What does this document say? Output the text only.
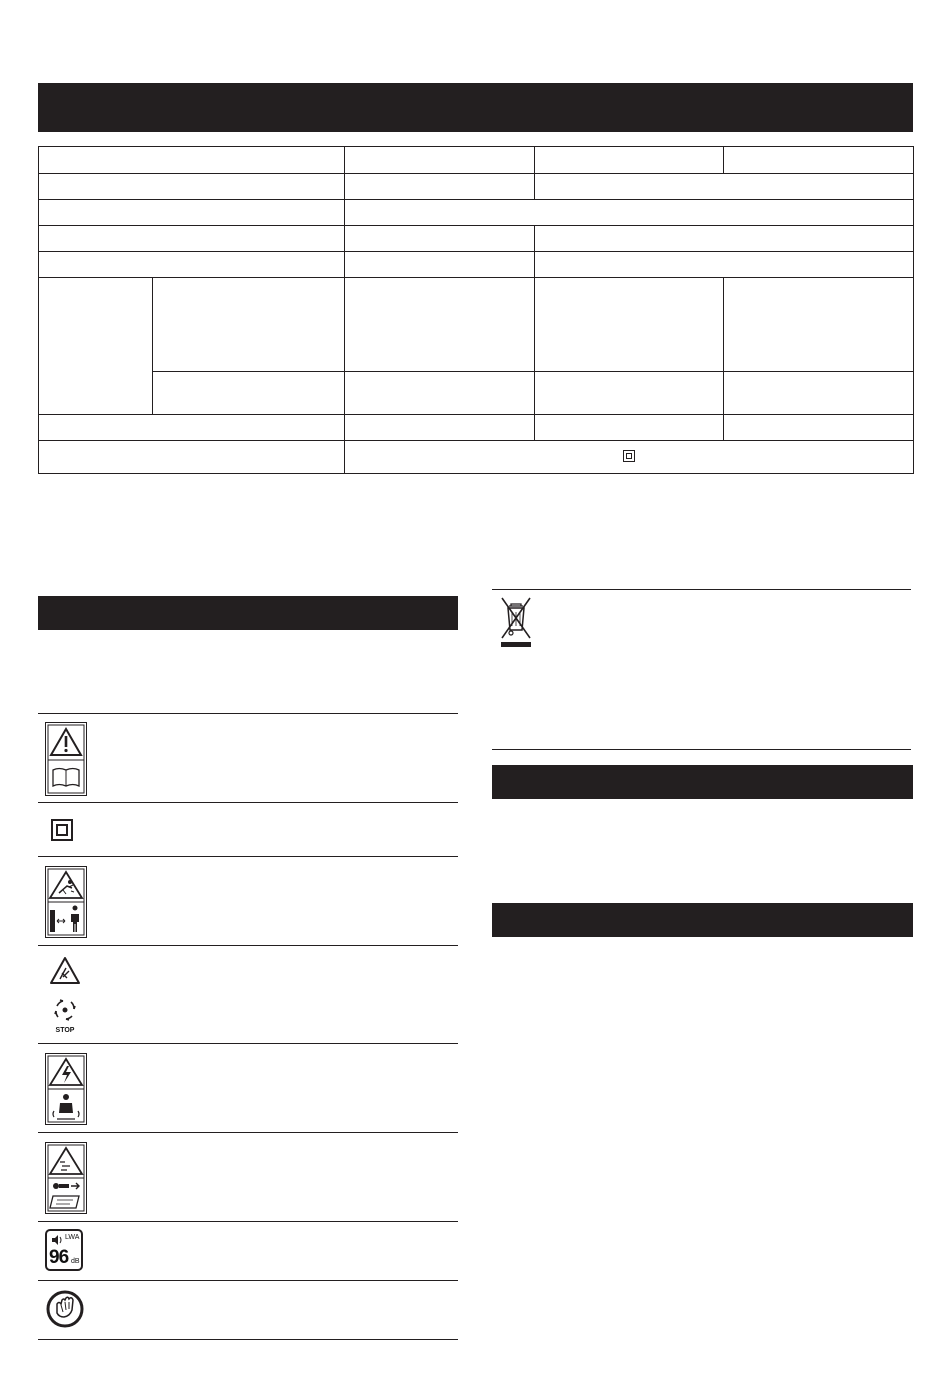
STOP
LWA
96 dB
